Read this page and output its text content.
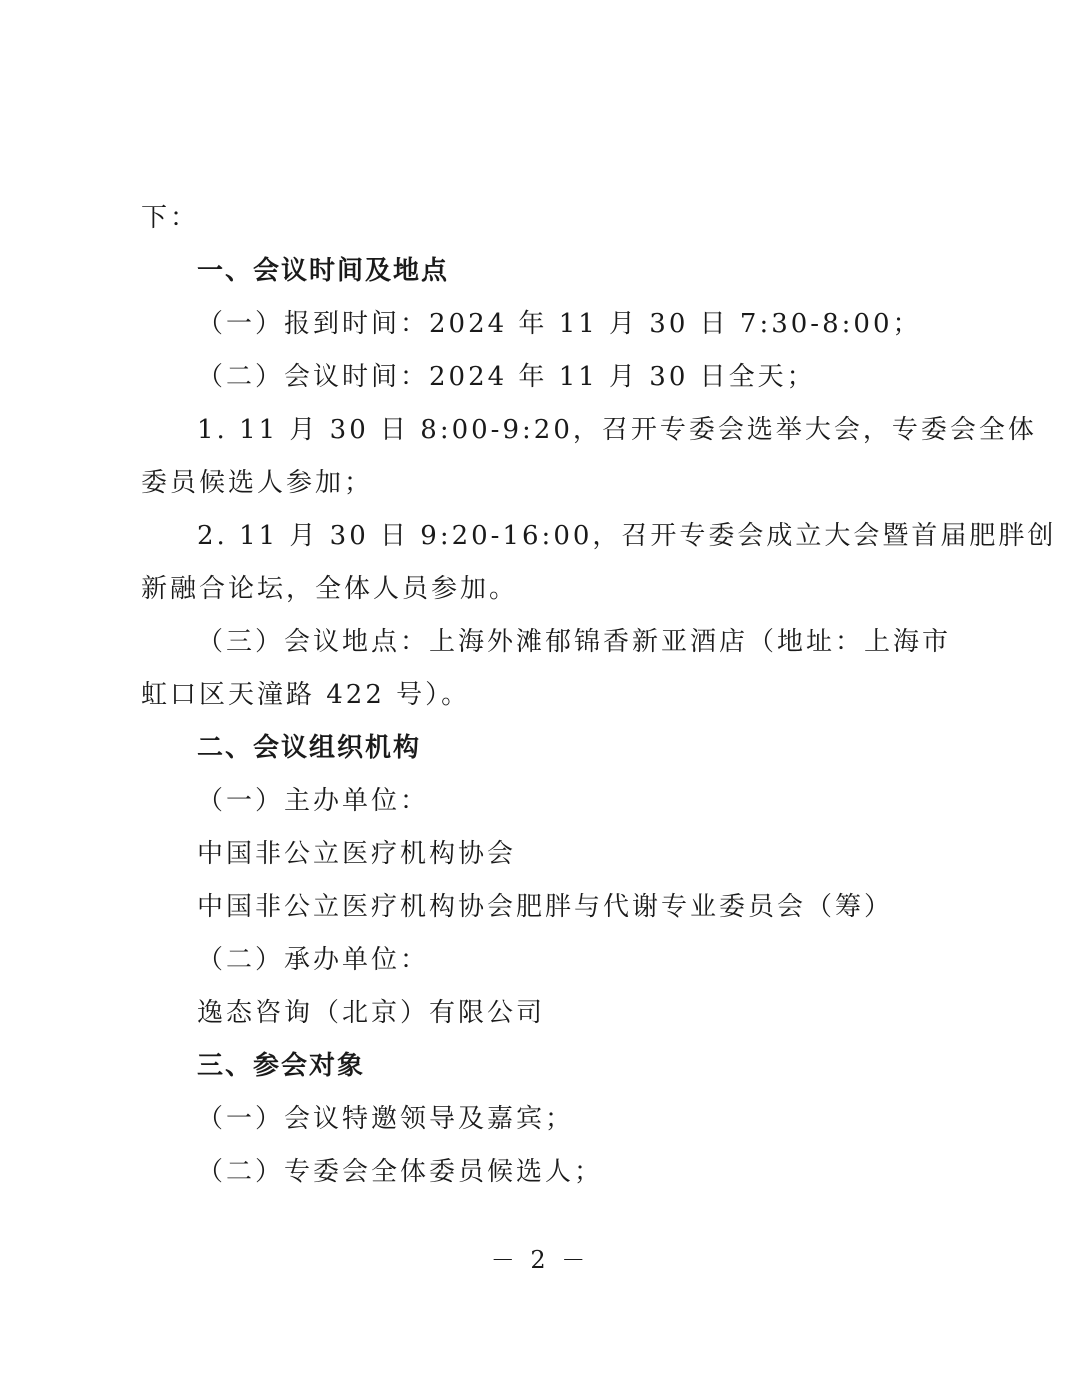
下：
一、会议时间及地点
（一）报到时间：2024 年 11 月 30 日 7:30-8:00；
（二）会议时间：2024 年 11 月 30 日全天；
1. 11 月 30 日 8:00-9:20，召开专委会选举大会，专委会全体
委员候选人参加；
2. 11 月 30 日 9:20-16:00，召开专委会成立大会暨首届肥胖创
新融合论坛，全体人员参加。
（三）会议地点：上海外滩郁锦香新亚酒店（地址：上海市
虹口区天潼路 422 号）。
二、会议组织机构
（一）主办单位：
中国非公立医疗机构协会
中国非公立医疗机构协会肥胖与代谢专业委员会（筹）
（二）承办单位：
逸态咨询（北京）有限公司
三、参会对象
（一）会议特邀领导及嘉宾；
（二）专委会全体委员候选人；
－ 2 －
